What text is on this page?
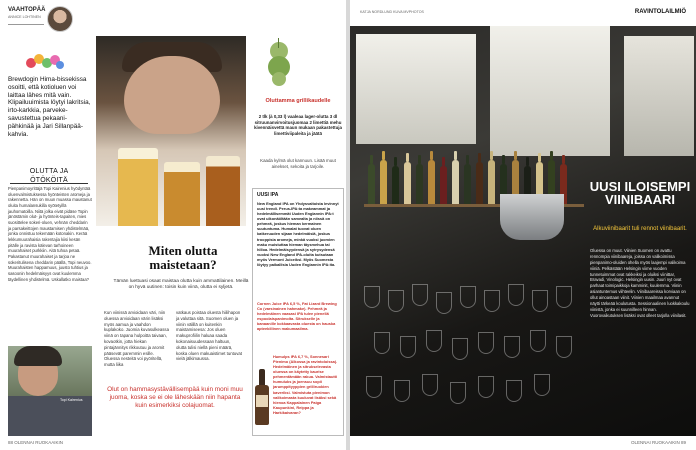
VAAHTOPÄÄ
ANNICE LOHTINEN
Brewdogin Hima-bissekissa osoitti, että kotioluen voi laittaa lähes mitä vain. Klipailuuimista löytyi lakritsia, irto-karkkia, parveke-savustettua pekaani-pähkinää ja Jari Sillanpää-kahvia.
OLUTTA JA ÖTÖKÖITÄ
Pienpanimoyrittäjä Topi Kairenius hyödyntää oluenvalmistuksessa hyönteisten aromeja ja rakennetta. Hän on muun muassa maustanut oluita humalansukilla syötetyillä jauhomatoilla. Niitä jolka eivät pidäse Topin jänöstämin olut- ja hyönteis-tapaiten, mies suosittelee sokeri-oluen, vehnän cheddarin ja parsakeittojen maustamisen yhdistelmää, jonka onnistuu tekemään kotonakin. Kerää lekkumuurahaisia rakentajia kiisi kesän pitälle ja ravista kälevan tarhoineen muurahaiset purkkiin. Aitä tuhoa petaä. Pakastanut muurahaiset ja tarjoa ne sokeritulisena cheddarin päällä, Topi neuvoo. Muurahaisten happamuus, juusto tuhtius ja sasoonin hedelmäisyys ovat kuulemma täydellinen yhdistelmä. Uskallatko maistaa?
Topi Kairenius
Oluttamma grillikaudelle
2 tlk (à 0,33 l) vaaleaa lager-olutta 3 dl sitruunanvirvoitusjuomaa 2 limettiä mehu kivennäisvettä maun mukaan pakastettuja limettiviipaleita ja jäätä
Kaada kylmä olut kannuun. Lisää muut ainekset, sekoita ja tarjoile.
Miten olutta maistetaan?
Tämän luettuasi osaat maistaa olutta kuin ammattilainen. Meillä on hyvä uutinen: toisin kuin viinä, olutta ei syljetä.
Kun viinissä arvioidaan väri, niin oluessa arvioidaan värin lisäksi myös aamua ja vaahdon kuplakoko. Juomia kuvasulkeassa viinä on tapana hulpoitta taivaan, kovaotkin, jotta hiekan pintajännitys rikkoutuu ja aromit pääsevät paremmin esille. Oluessa nesteitä voi pyöritellä, mutta liika
vatkaus poistaa oluesta hiilihapon ja valuttaa sitä. Suomen oluen ja viinin välillä on kuitenkin maistamiseesa: Jos oluen makuprofiilin haluaa saada kokonaisuudessaan haltuun, olutta tulisi niellä pieni määrä, koska oluen makuaistimet tuntuvat vielä jälkimaussa.
Olut on hammasystävällisempää kuin moni muu juoma, koska se ei ole läheskään niin hapanta kuin esimerkiksi colajuomat.
UUSI IPA
New England IPA on Yhdysvaltoista levinnyt uusi trendi. Perus-IPA:ta makeammat ja hedelmällisemmät Uuden Englannin IPA:t ovat ulkonäöltään samealta ja niissä on pehmeä, joskus hieman kermainen suutuntuma. Humalat tuovat oluen katkeruuden sijaan hedelmäisiä, joskus trooppisia aromeja, minkä vuoksi juomien maku muistuttaa hieman täysmehua tai hilloa. Hedelmäisyydensä ja sytrysydensä vuoksi New England IPA-oluita kutsutaan myös Vermont Juiceiksi. Myös Suomesta löytyy paikallisia Uuden Englannin IPA:ita.
Cornen Juice IPA 6,5 %, Fat Lizard Brewing Co (varsinainen hahmake). Pehmeä ja hedelmäinen vaasasi IPA tulee pienellä espoolaispanimolta. Sitrukselle ja banaanille kokkaavasta oluesta on hauska apteekillinen makumaailma.
Humulps IPA 6,7 %, Sonnesari Pienimo (Alkossa ja ravintoloissa). Hedelmäinen ja sitrukselevasta oluessa on käytetty kaurise pehmentämään rakua. Valmistautti humuluks ja joensuu sopii jarumppityyppien grilliruokien kaveriksi. Valmistuta pienimon valikoimasta kuuluvat lisäksi sekä hienoa Kappalainen Paiga Kaupunkini, Reippa ja Harkikaivaran?
88 OLENNAI RUOKAAIKIN
KATJA NORDLUND KUVA MVPHOTOS	RAVINTOLAILMIÖ
OLENNAI RUOKAAIKIN 89
UUSI ILOISEMPI VIINIBAARI
Alkuviinibaarit tuli rennot viinibaarit.
Oluessa on muut. Viinien Suomen on avattu rennompia viinibaareja, joissa on valikoimissa pienpanimo-oluiden ohella myös laajempi valikoima viiniä. Pelkästään Helsingin viime vuoden tunnetuimmat ovat rakkeiksi ja oluiksi viiniBar, Bravadi, Vinologic. Helsingin uusin. Juuri nyt ovat parhaat toimipaikkoja kamminit, kuulemma. Viinin asiantuntemus viihteelin. Viinibaareissa korviaan on ollut ainoastaan viinit. Viinien maailmaa avannut näytti tärkeää koulutusta. Sessionaalinen luokkakoulu viinistä, jonka ei suunnilleen hinnan. Vuorovaikutuksen lisäksi ovat olleet tarjolla viinilasit.
